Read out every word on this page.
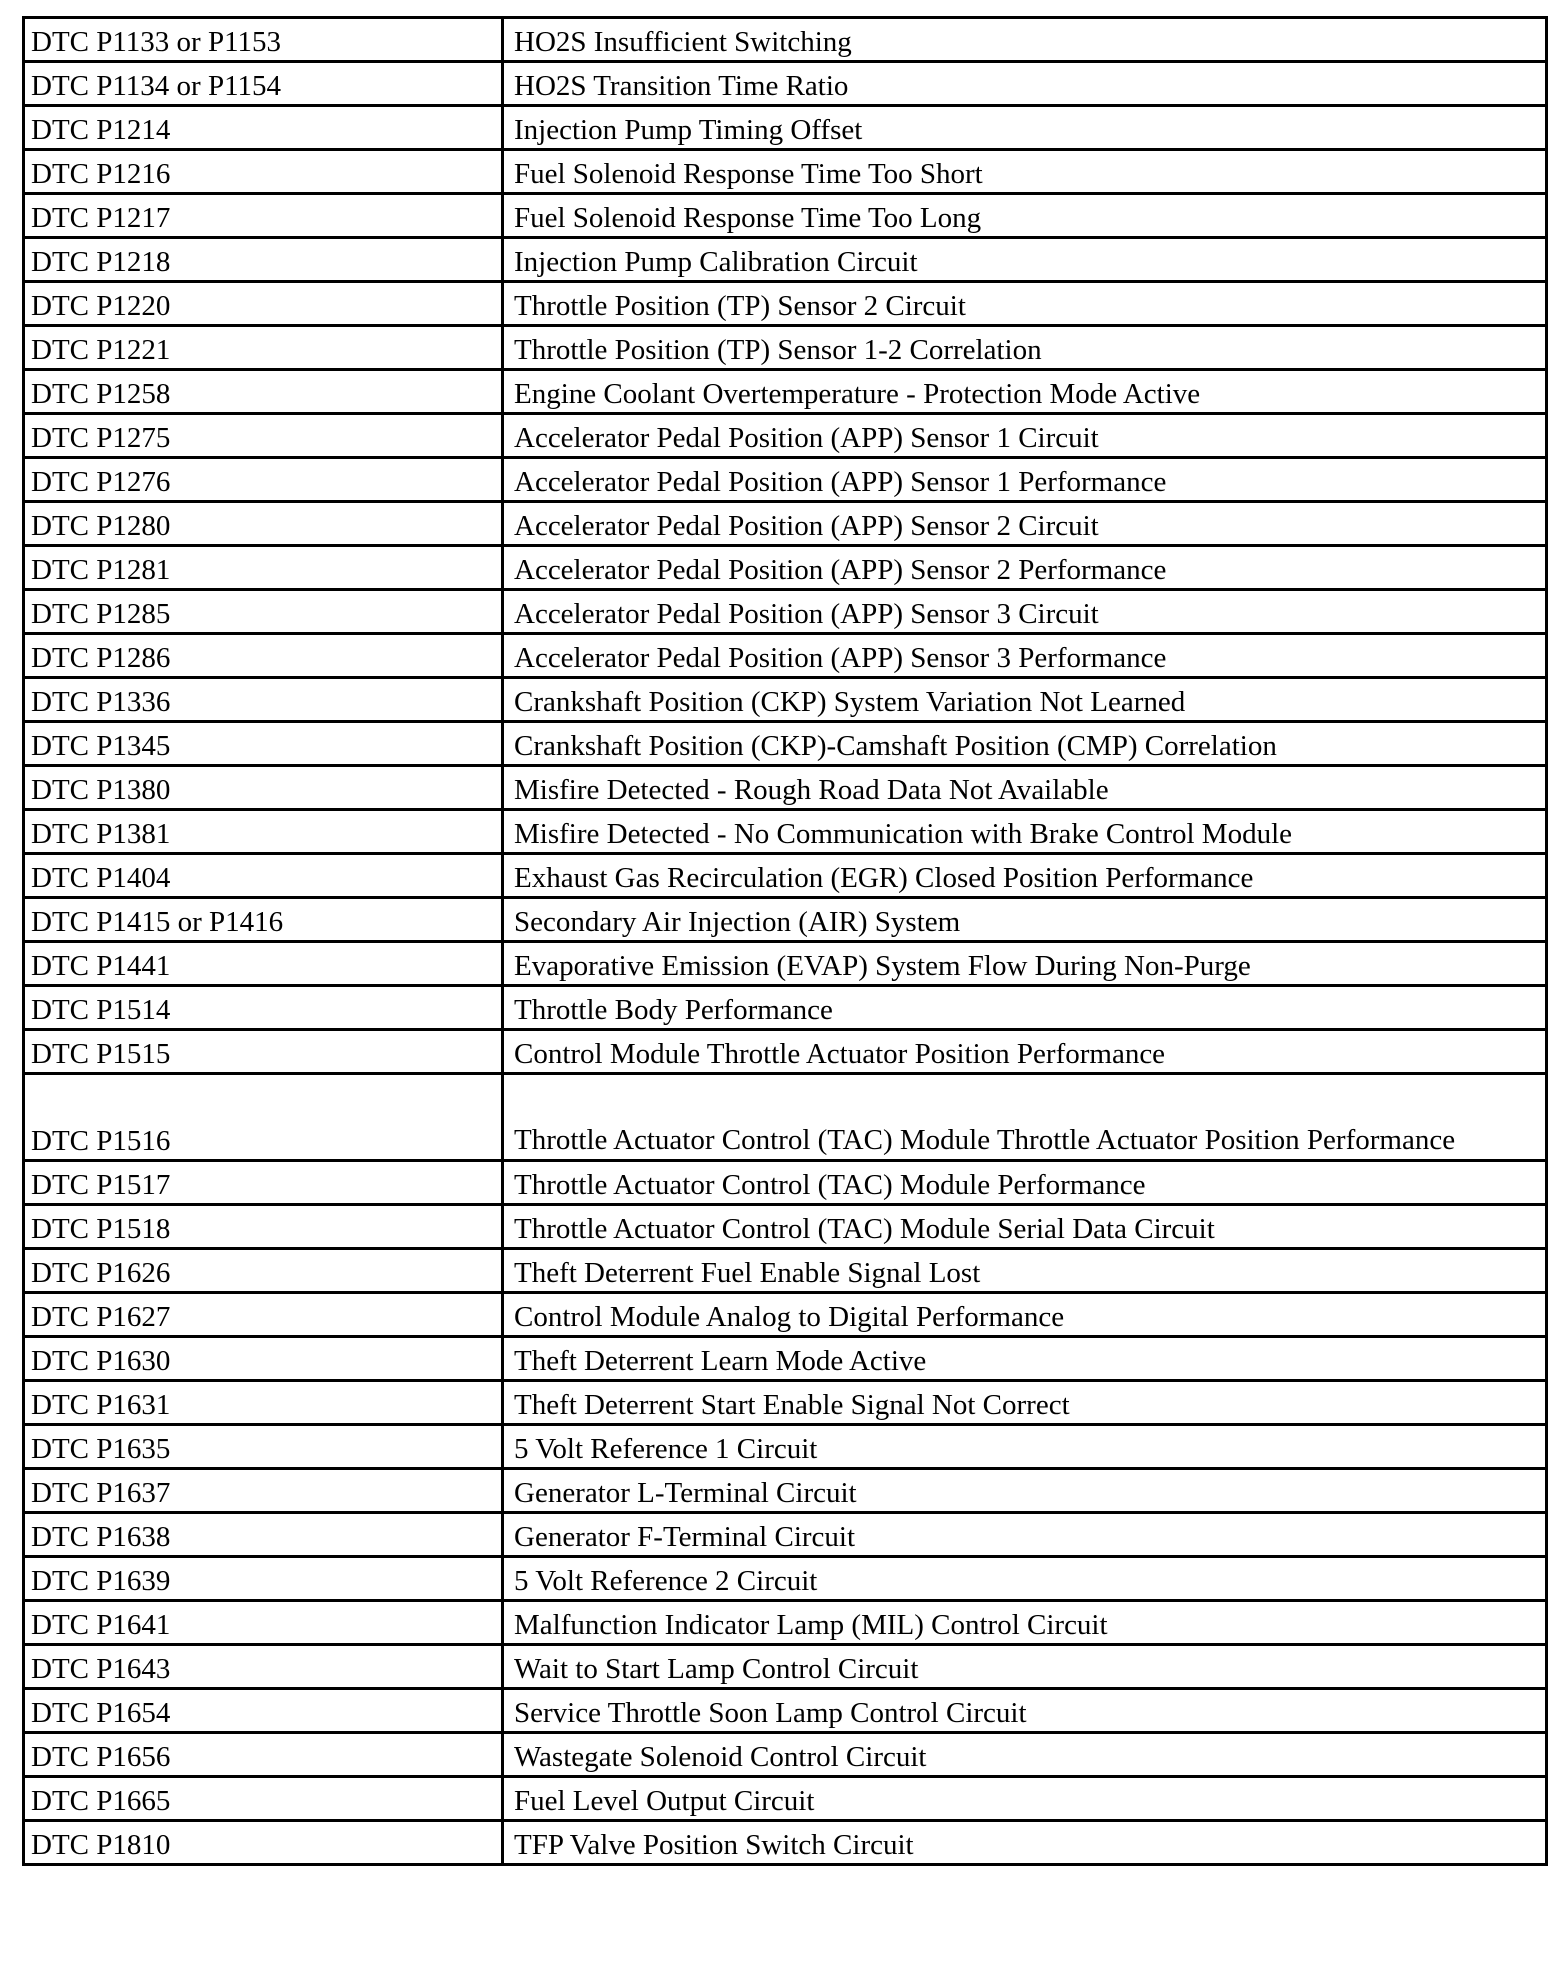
DTC P1133 or P1153	HO2S Insufficient Switching
DTC P1134 or P1154	HO2S Transition Time Ratio
DTC P1214	Injection Pump Timing Offset
DTC P1216	Fuel Solenoid Response Time Too Short
DTC P1217	Fuel Solenoid Response Time Too Long
DTC P1218	Injection Pump Calibration Circuit
DTC P1220	Throttle Position (TP) Sensor 2 Circuit
DTC P1221	Throttle Position (TP) Sensor 1-2 Correlation
DTC P1258	Engine Coolant Overtemperature - Protection Mode Active
DTC P1275	Accelerator Pedal Position (APP) Sensor 1 Circuit
DTC P1276	Accelerator Pedal Position (APP) Sensor 1 Performance
DTC P1280	Accelerator Pedal Position (APP) Sensor 2 Circuit
DTC P1281	Accelerator Pedal Position (APP) Sensor 2 Performance
DTC P1285	Accelerator Pedal Position (APP) Sensor 3 Circuit
DTC P1286	Accelerator Pedal Position (APP) Sensor 3 Performance
DTC P1336	Crankshaft Position (CKP) System Variation Not Learned
DTC P1345	Crankshaft Position (CKP)-Camshaft Position (CMP) Correlation
DTC P1380	Misfire Detected - Rough Road Data Not Available
DTC P1381	Misfire Detected - No Communication with Brake Control Module
DTC P1404	Exhaust Gas Recirculation (EGR) Closed Position Performance
DTC P1415 or P1416	Secondary Air Injection (AIR) System
DTC P1441	Evaporative Emission (EVAP) System Flow During Non-Purge
DTC P1514	Throttle Body Performance
DTC P1515	Control Module Throttle Actuator Position Performance
DTC P1516	Throttle Actuator Control (TAC) Module Throttle Actuator Position Performance
DTC P1517	Throttle Actuator Control (TAC) Module Performance
DTC P1518	Throttle Actuator Control (TAC) Module Serial Data Circuit
DTC P1626	Theft Deterrent Fuel Enable Signal Lost
DTC P1627	Control Module Analog to Digital Performance
DTC P1630	Theft Deterrent Learn Mode Active
DTC P1631	Theft Deterrent Start Enable Signal Not Correct
DTC P1635	5 Volt Reference 1 Circuit
DTC P1637	Generator L-Terminal Circuit
DTC P1638	Generator F-Terminal Circuit
DTC P1639	5 Volt Reference 2 Circuit
DTC P1641	Malfunction Indicator Lamp (MIL) Control Circuit
DTC P1643	Wait to Start Lamp Control Circuit
DTC P1654	Service Throttle Soon Lamp Control Circuit
DTC P1656	Wastegate Solenoid Control Circuit
DTC P1665	Fuel Level Output Circuit
DTC P1810	TFP Valve Position Switch Circuit
